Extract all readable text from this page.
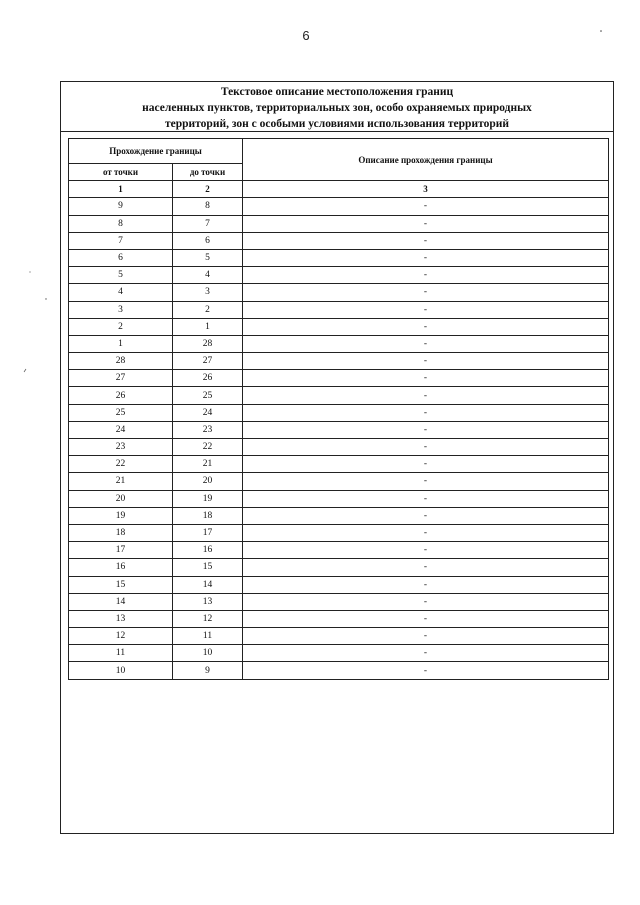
6
Текстовое описание местоположения границ
населенных пунктов, территориальных зон, особо охраняемых природных
территорий, зон с особыми условиями использования территорий
Прохождение границы		Описание прохождения границы
от точки	до точки	
1	2	3
9	8	-
8	7	-
7	6	-
6	5	-
5	4	-
4	3	-
3	2	-
2	1	-
1	28	-
28	27	-
27	26	-
26	25	-
25	24	-
24	23	-
23	22	-
22	21	-
21	20	-
20	19	-
19	18	-
18	17	-
17	16	-
16	15	-
15	14	-
14	13	-
13	12	-
12	11	-
11	10	-
10	9	-
